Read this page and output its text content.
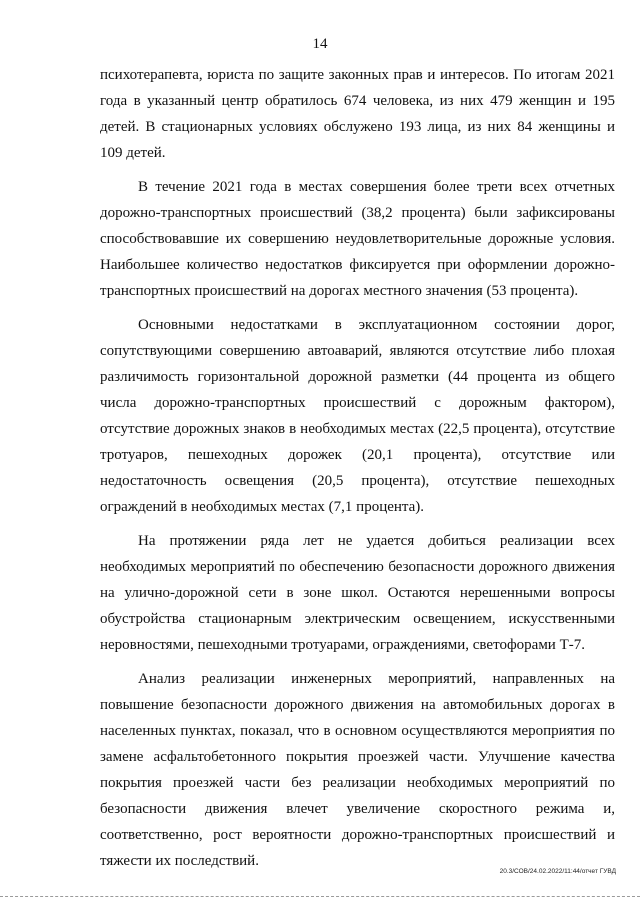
14

психотерапевта, юриста по защите законных прав и интересов. По итогам 2021 года в указанный центр обратилось 674 человека, из них 479 женщин и 195 детей. В стационарных условиях обслужено 193 лица, из них 84 женщины и 109 детей.

В течение 2021 года в местах совершения более трети всех отчетных дорожно-транспортных происшествий (38,2 процента) были зафиксированы способствовавшие их совершению неудовлетворительные дорожные условия. Наибольшее количество недостатков фиксируется при оформлении дорожно-транспортных происшествий на дорогах местного значения (53 процента).

Основными недостатками в эксплуатационном состоянии дорог, сопутствующими совершению автоаварий, являются отсутствие либо плохая различимость горизонтальной дорожной разметки (44 процента из общего числа дорожно-транспортных происшествий с дорожным фактором), отсутствие дорожных знаков в необходимых местах (22,5 процента), отсутствие тротуаров, пешеходных дорожек (20,1 процента), отсутствие или недостаточность освещения (20,5 процента), отсутствие пешеходных ограждений в необходимых местах (7,1 процента).

На протяжении ряда лет не удается добиться реализации всех необходимых мероприятий по обеспечению безопасности дорожного движения на улично-дорожной сети в зоне школ. Остаются нерешенными вопросы обустройства стационарным электрическим освещением, искусственными неровностями, пешеходными тротуарами, ограждениями, светофорами Т-7.

Анализ реализации инженерных мероприятий, направленных на повышение безопасности дорожного движения на автомобильных дорогах в населенных пунктах, показал, что в основном осуществляются мероприятия по замене асфальтобетонного покрытия проезжей части. Улучшение качества покрытия проезжей части без реализации необходимых мероприятий по безопасности движения влечет увеличение скоростного режима и, соответственно, рост вероятности дорожно-транспортных происшествий и тяжести их последствий.

20.3/СОВ/24.02.2022/11:44/отчет ГУВД
